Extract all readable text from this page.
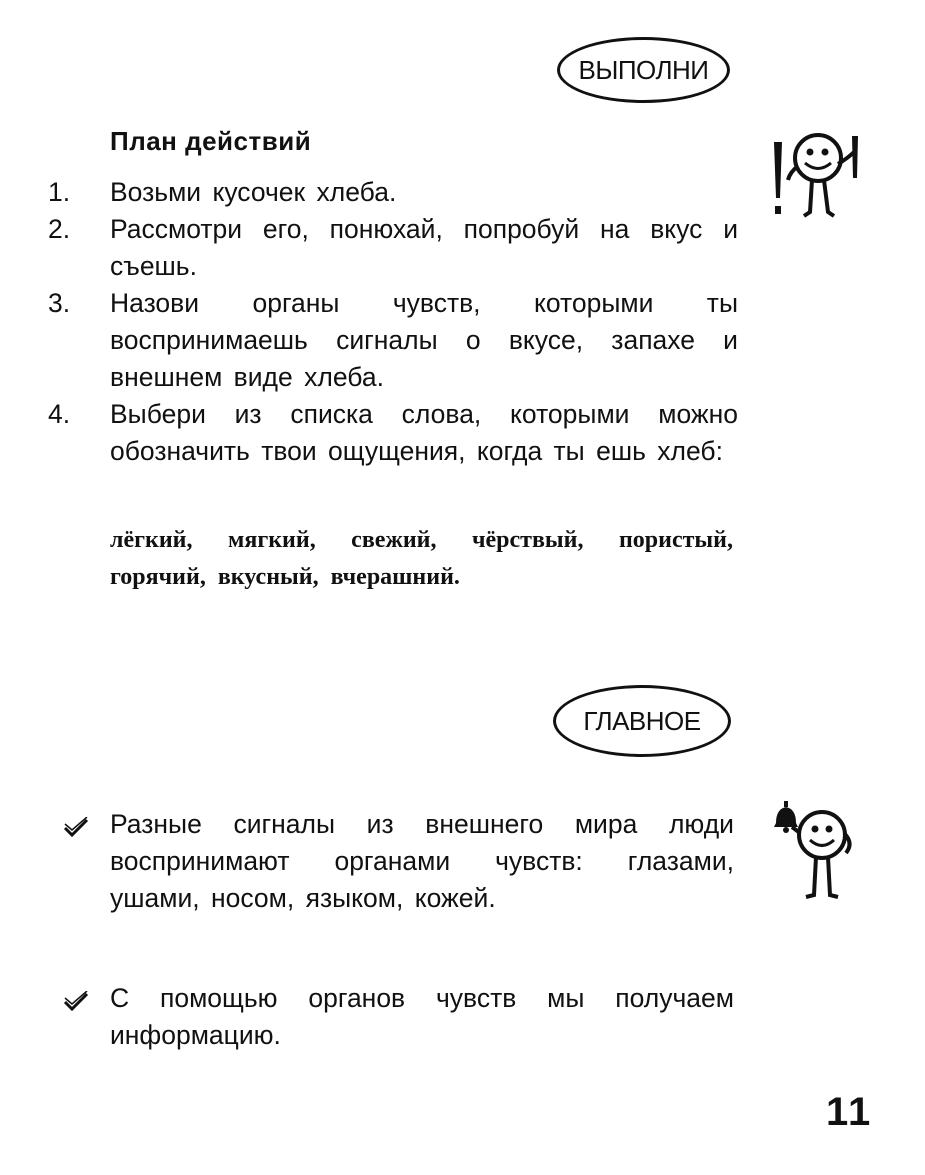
ВЫПОЛНИ
План действий
1.	Возьми кусочек хлеба.
2.	Рассмотри его, понюхай, попробуй на вкус и съешь.
3.	Назови органы чувств, которыми ты воспринимаешь сигналы о вкусе, запахе и внешнем виде хлеба.
4.	Выбери из списка слова, которыми можно обозначить твои ощущения, когда ты ешь хлеб:

лёгкий, мягкий, свежий, чёрствый, пористый, горячий, вкусный, вчерашний.

ГЛАВНОЕ
Разные сигналы из внешнего мира люди воспринимают органами чувств: глазами, ушами, носом, языком, кожей.
С помощью органов чувств мы получаем информацию.
11
